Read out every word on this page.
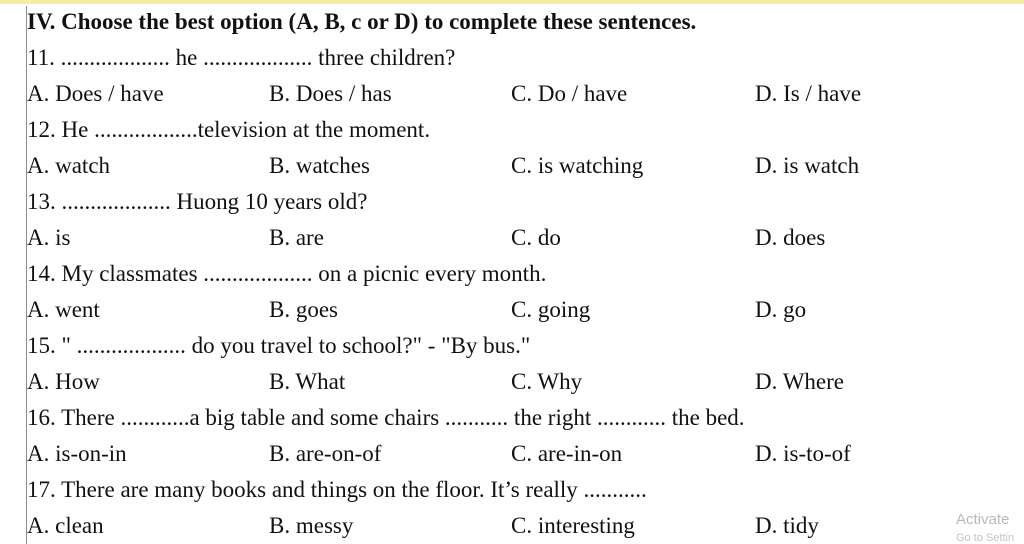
IV. Choose the best option (A, B, c or D) to complete these sentences.
11. ................... he ................... three children?
A. Does / have	B. Does / has	C. Do / have	D. Is / have
12. He ..................television at the moment.
A. watch	B. watches	C. is watching	D. is watch
13. ................... Huong 10 years old?
A. is	B. are	C. do	D. does
14. My classmates ................... on a picnic every month.
A. went	B. goes	C. going	D. go
15. " ................... do you travel to school?" - "By bus."
A. How	B. What	C. Why	D. Where
16. There ............a big table and some chairs ........... the right ............ the bed.
A. is-on-in	B. are-on-of	C. are-in-on	D. is-to-of
17. There are many books and things on the floor. It’s really ...........
A. clean	B. messy	C. interesting	D. tidy	Activate
Go to Settin
